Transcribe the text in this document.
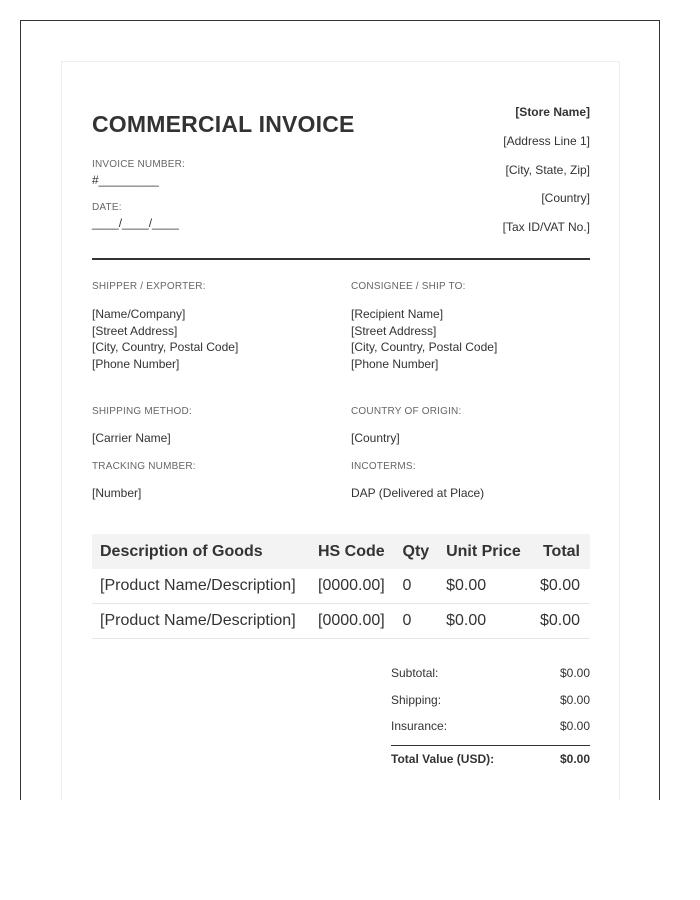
COMMERCIAL INVOICE
INVOICE NUMBER:
#_________
DATE:
____/____/____
[Store Name]
[Address Line 1]
[City, State, Zip]
[Country]
[Tax ID/VAT No.]
SHIPPER / EXPORTER:
[Name/Company]
[Street Address]
[City, Country, Postal Code]
[Phone Number]
CONSIGNEE / SHIP TO:
[Recipient Name]
[Street Address]
[City, Country, Postal Code]
[Phone Number]
SHIPPING METHOD:
[Carrier Name]
TRACKING NUMBER:
[Number]
COUNTRY OF ORIGIN:
[Country]
INCOTERMS:
DAP (Delivered at Place)
Description of Goods	HS Code	Qty	Unit Price	Total
[Product Name/Description]	[0000.00]	0	$0.00	$0.00
[Product Name/Description]	[0000.00]	0	$0.00	$0.00
Subtotal:	$0.00
Shipping:	$0.00
Insurance:	$0.00
Total Value (USD):	$0.00
